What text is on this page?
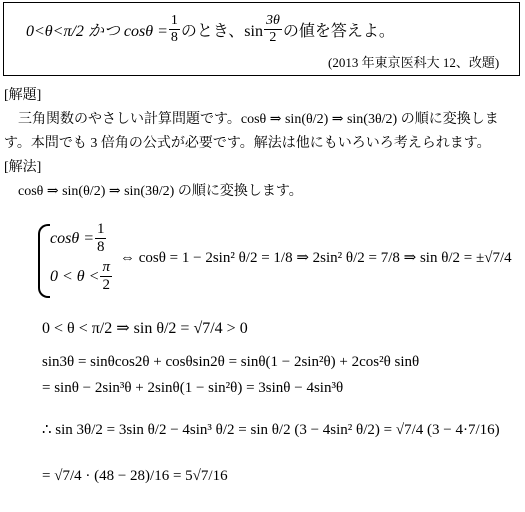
0<θ<π/2 かつ $\cos\theta = \frac{1}{8}$ のとき、$\sin \frac{3\theta}{2}$ の値を答えよ。
(2013 年東京医科大 12、改題)
[解題]
三角関数のやさしい計算問題です。cosθ ⇒ sin(θ/2) ⇒ sin(3θ/2) の順に変換しま
す。本問でも 3 倍角の公式が必要です。解法は他にもいろいろ考えられます。
[解法]
cosθ ⇒ sin(θ/2) ⇒ sin(3θ/2) の順に変換します。
$\cos\theta = \frac{1}{8}$
$0 < \theta < \frac{\pi}{2}$
⇔ cosθ = 1 − 2sin² θ/2 = 1/8 ⇒ 2sin² θ/2 = 7/8 ⇒ sin θ/2 = ±√7/4
0 < θ < π/2 ⇒ sin θ/2 = √7/4 > 0
sin3θ = sinθcos2θ + cosθsin2θ = sinθ(1 − 2sin²θ) + 2cos²θ sinθ
= sinθ − 2sin³θ + 2sinθ(1 − sin²θ) = 3sinθ − 4sin³θ
∴ sin 3θ/2 = 3sin θ/2 − 4sin³ θ/2 = sin θ/2 (3 − 4sin² θ/2) = √7/4 (3 − 4·7/16)
= √7/4 · (48 − 28)/16 = 5√7/16
